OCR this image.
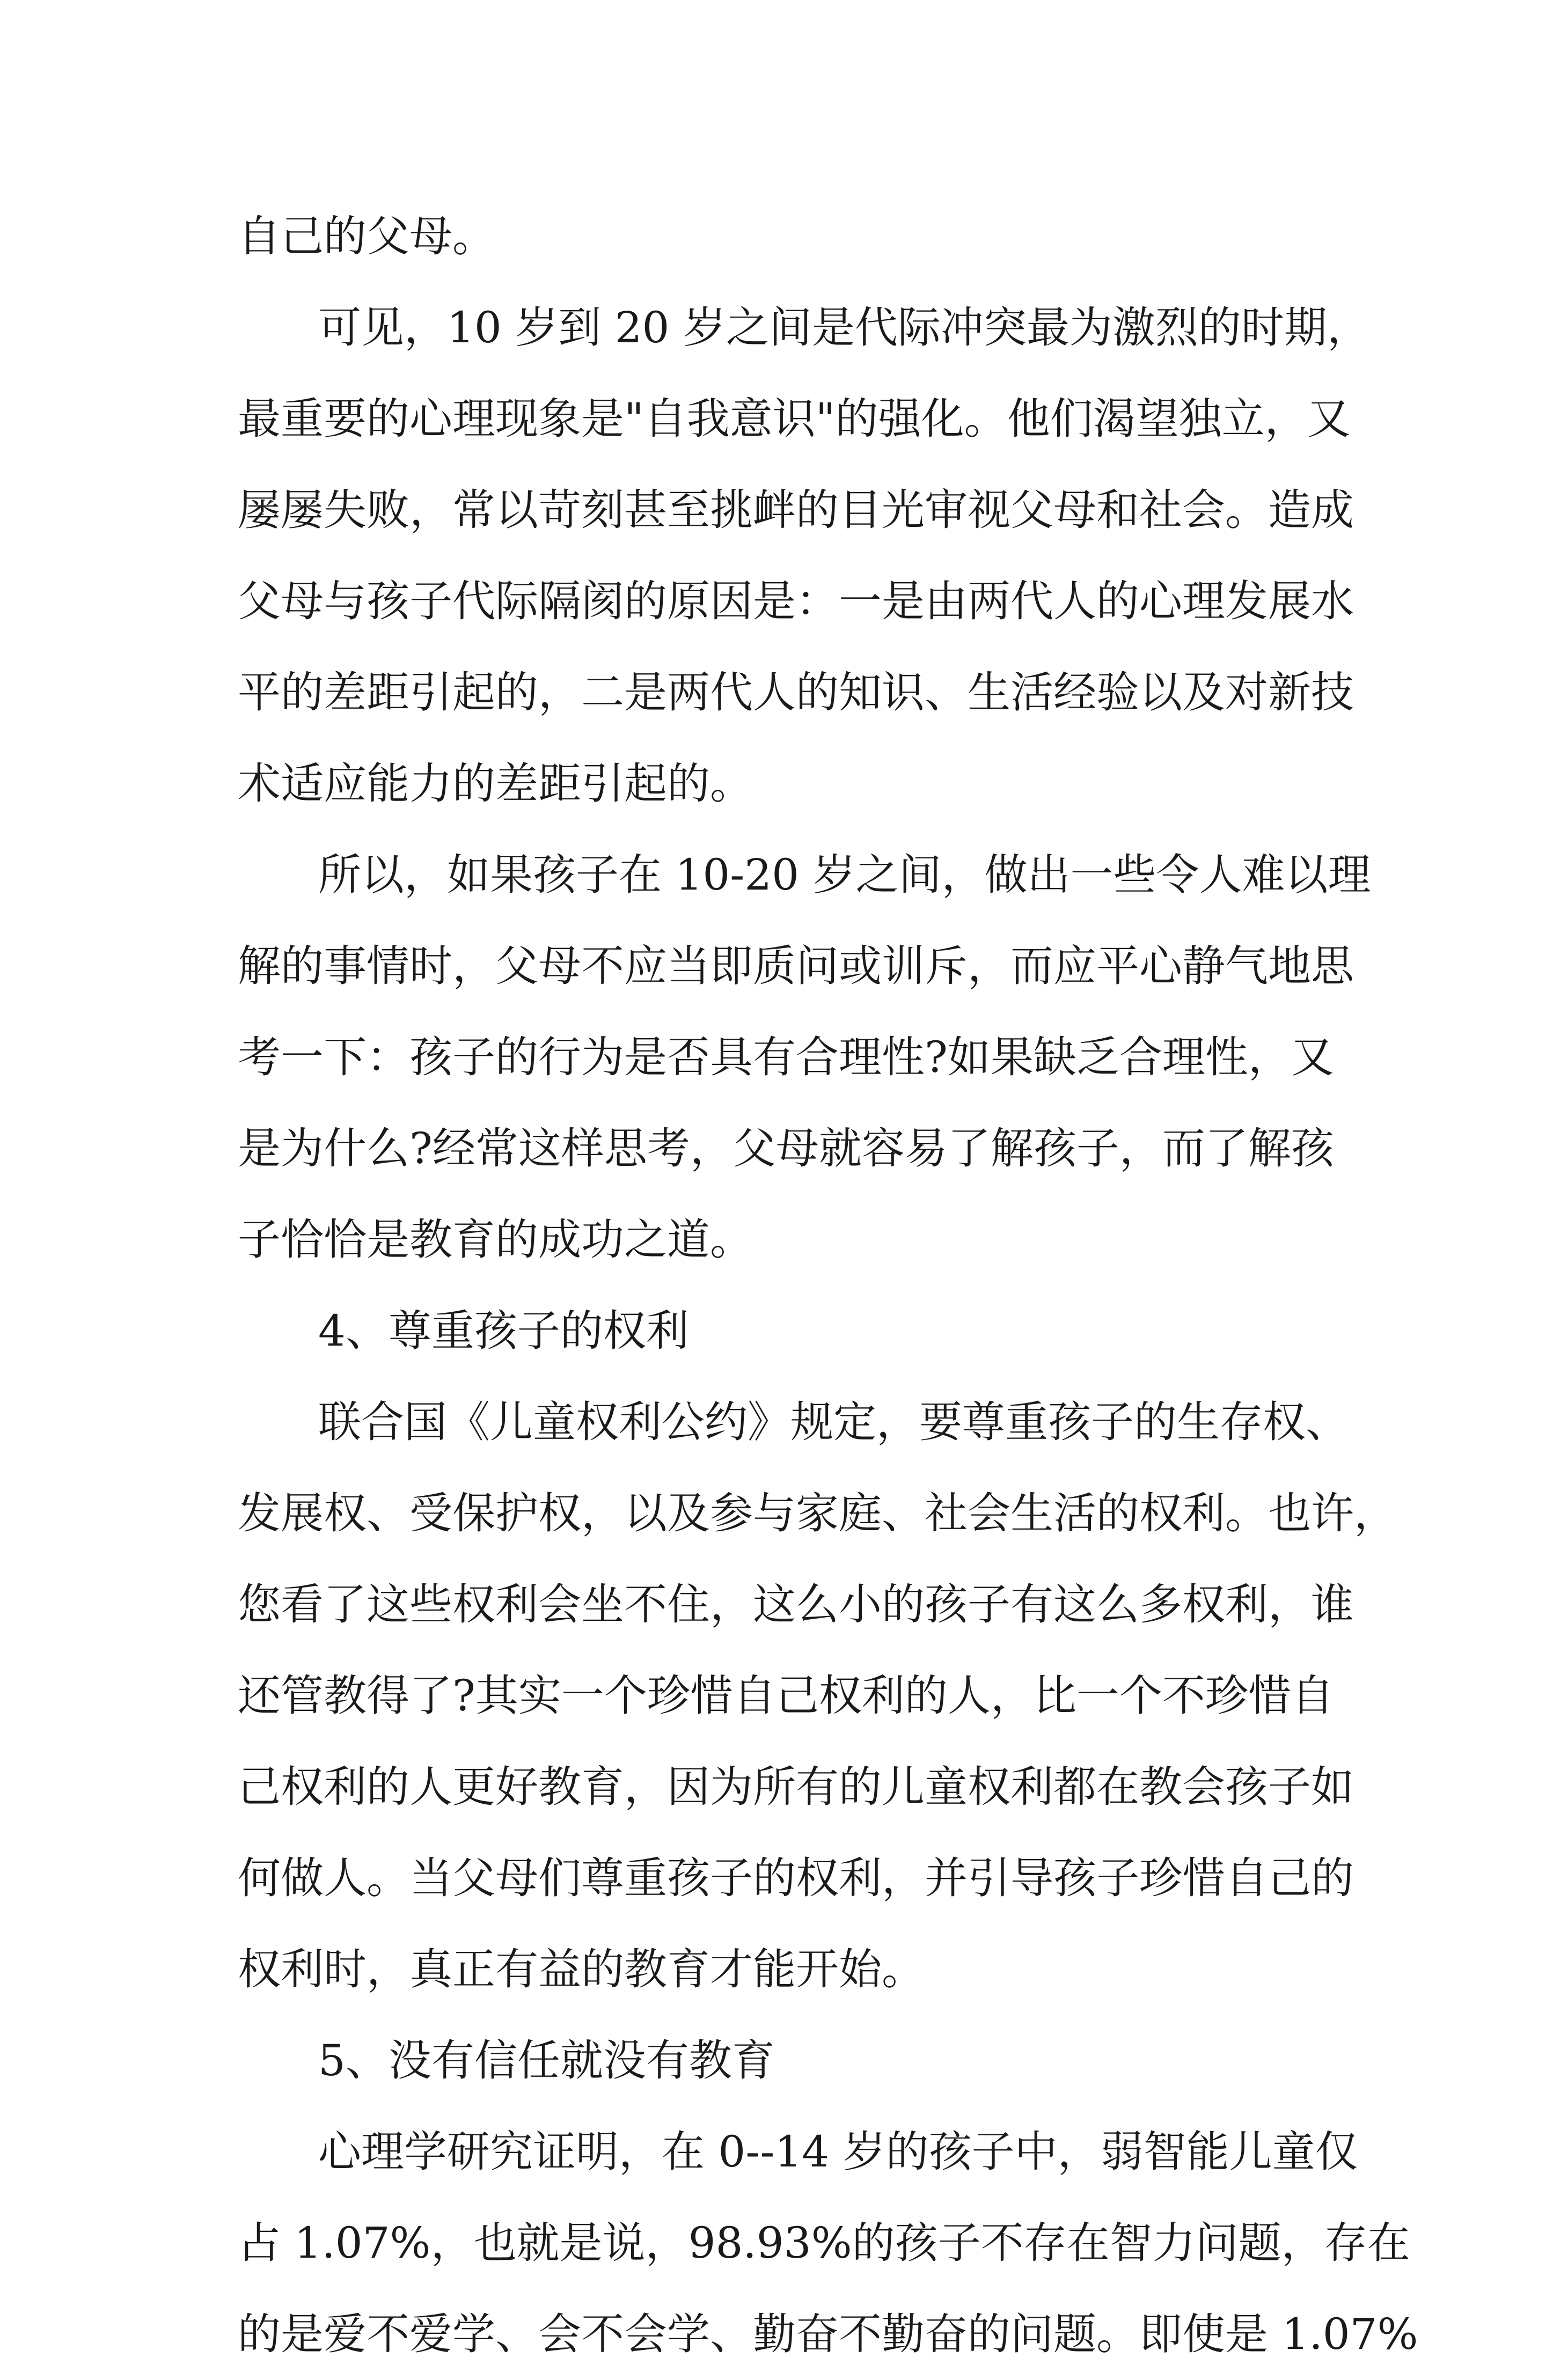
自己的父母。
可见，10 岁到 20 岁之间是代际冲突最为激烈的时期，
最重要的心理现象是"自我意识"的强化。他们渴望独立，又
屡屡失败，常以苛刻甚至挑衅的目光审视父母和社会。造成
父母与孩子代际隔阂的原因是：一是由两代人的心理发展水
平的差距引起的，二是两代人的知识、生活经验以及对新技
术适应能力的差距引起的。
所以，如果孩子在 10-20 岁之间，做出一些令人难以理
解的事情时，父母不应当即质问或训斥，而应平心静气地思
考一下：孩子的行为是否具有合理性?如果缺乏合理性，又
是为什么?经常这样思考，父母就容易了解孩子，而了解孩
子恰恰是教育的成功之道。
4、尊重孩子的权利
联合国《儿童权利公约》规定，要尊重孩子的生存权、
发展权、受保护权，以及参与家庭、社会生活的权利。也许，
您看了这些权利会坐不住，这么小的孩子有这么多权利，谁
还管教得了?其实一个珍惜自己权利的人，比一个不珍惜自
己权利的人更好教育，因为所有的儿童权利都在教会孩子如
何做人。当父母们尊重孩子的权利，并引导孩子珍惜自己的
权利时，真正有益的教育才能开始。
5、没有信任就没有教育
心理学研究证明，在 0--14 岁的孩子中，弱智能儿童仅
占 1.07%，也就是说，98.93%的孩子不存在智力问题，存在
的是爱不爱学、会不会学、勤奋不勤奋的问题。即使是 1.07%
